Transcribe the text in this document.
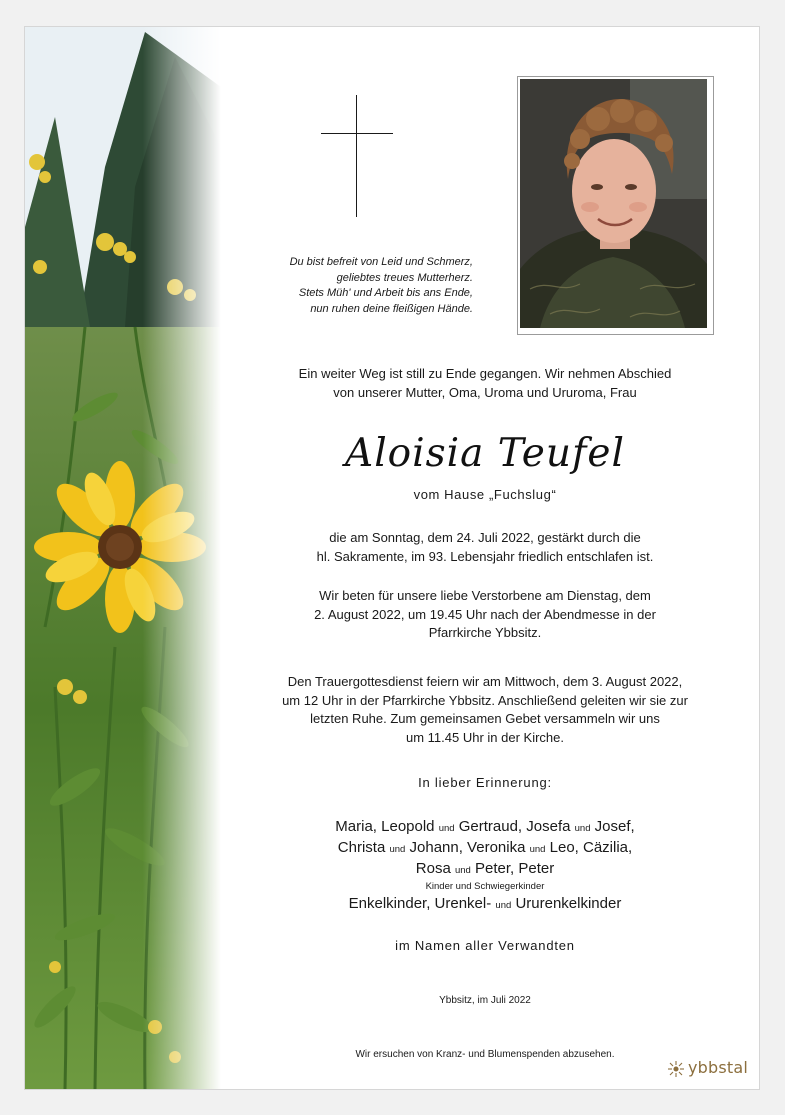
Du bist befreit von Leid und Schmerz,
geliebtes treues Mutterherz.
Stets Müh' und Arbeit bis ans Ende,
nun ruhen deine fleißigen Hände.
Ein weiter Weg ist still zu Ende gegangen. Wir nehmen Abschied
von unserer Mutter, Oma, Uroma und Ururoma, Frau
Aloisia Teufel
vom Hause „Fuchslug“
die am Sonntag, dem 24. Juli 2022, gestärkt durch die
hl. Sakramente, im 93. Lebensjahr friedlich entschlafen ist.
Wir beten für unsere liebe Verstorbene am Dienstag, dem
2. August 2022, um 19.45 Uhr nach der Abendmesse in der
Pfarrkirche Ybbsitz.
Den Trauergottesdienst feiern wir am Mittwoch, dem 3. August 2022,
um 12 Uhr in der Pfarrkirche Ybbsitz. Anschließend geleiten wir sie zur
letzten Ruhe. Zum gemeinsamen Gebet versammeln wir uns
um 11.45 Uhr in der Kirche.
In lieber Erinnerung:
Maria, Leopold und Gertraud, Josefa und Josef,
Christa und Johann, Veronika und Leo, Cäzilia,
Rosa und Peter, Peter
Kinder und Schwiegerkinder
Enkelkinder, Urenkel- und Ururenkelkinder
im Namen aller Verwandten
Ybbsitz, im Juli 2022
Wir ersuchen von Kranz- und Blumenspenden abzusehen.
ybbstal
